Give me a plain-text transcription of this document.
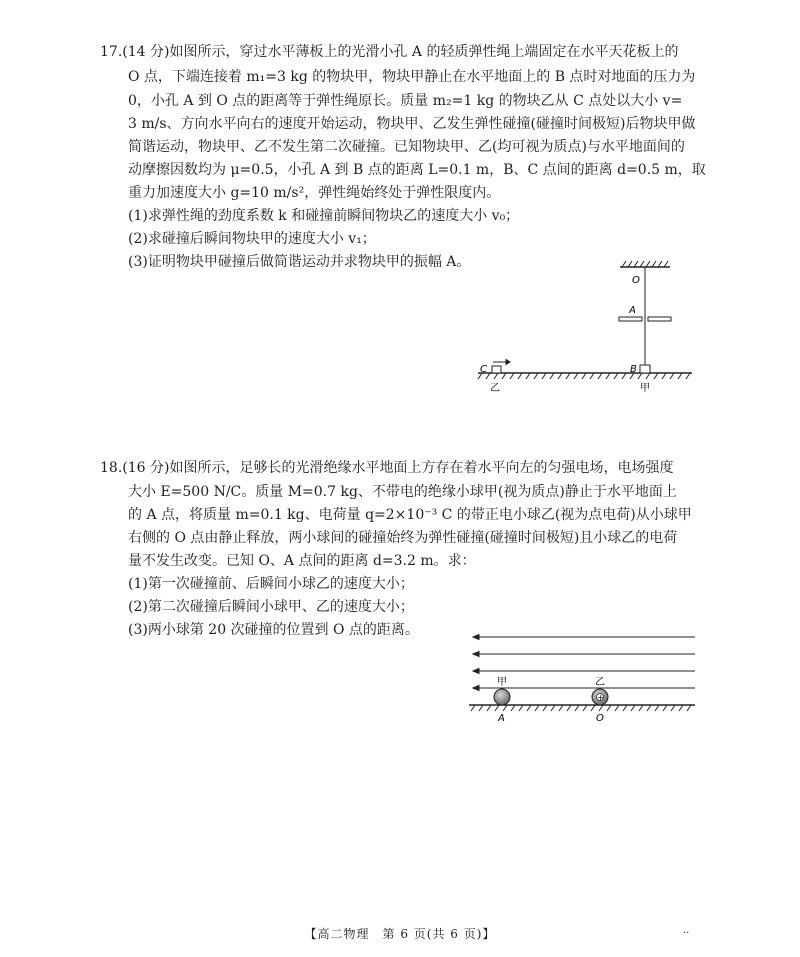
17.(14 分)如图所示，穿过水平薄板上的光滑小孔 A 的轻质弹性绳上端固定在水平天花板上的
O 点，下端连接着 m₁=3 kg 的物块甲，物块甲静止在水平地面上的 B 点时对地面的压力为
0，小孔 A 到 O 点的距离等于弹性绳原长。质量 m₂=1 kg 的物块乙从 C 点处以大小 v=
3 m/s、方向水平向右的速度开始运动，物块甲、乙发生弹性碰撞(碰撞时间极短)后物块甲做
简谐运动，物块甲、乙不发生第二次碰撞。已知物块甲、乙(均可视为质点)与水平地面间的
动摩擦因数均为 μ=0.5，小孔 A 到 B 点的距离 L=0.1 m，B、C 点间的距离 d=0.5 m，取
重力加速度大小 g=10 m/s²，弹性绳始终处于弹性限度内。
(1)求弹性绳的劲度系数 k 和碰撞前瞬间物块乙的速度大小 v₀；
(2)求碰撞后瞬间物块甲的速度大小 v₁；
(3)证明物块甲碰撞后做简谐运动并求物块甲的振幅 A。
O
A
C
乙
B
甲
18.(16 分)如图所示，足够长的光滑绝缘水平地面上方存在着水平向左的匀强电场，电场强度
大小 E=500 N/C。质量 M=0.7 kg、不带电的绝缘小球甲(视为质点)静止于水平地面上
的 A 点，将质量 m=0.1 kg、电荷量 q=2×10⁻³ C 的带正电小球乙(视为点电荷)从小球甲
右侧的 O 点由静止释放，两小球间的碰撞始终为弹性碰撞(碰撞时间极短)且小球乙的电荷
量不发生改变。已知 O、A 点间的距离 d=3.2 m。求：
(1)第一次碰撞前、后瞬间小球乙的速度大小；
(2)第二次碰撞后瞬间小球甲、乙的速度大小；
(3)两小球第 20 次碰撞的位置到 O 点的距离。
甲
A
+
乙
O
【高二物理　第 6 页(共 6 页)】	··
